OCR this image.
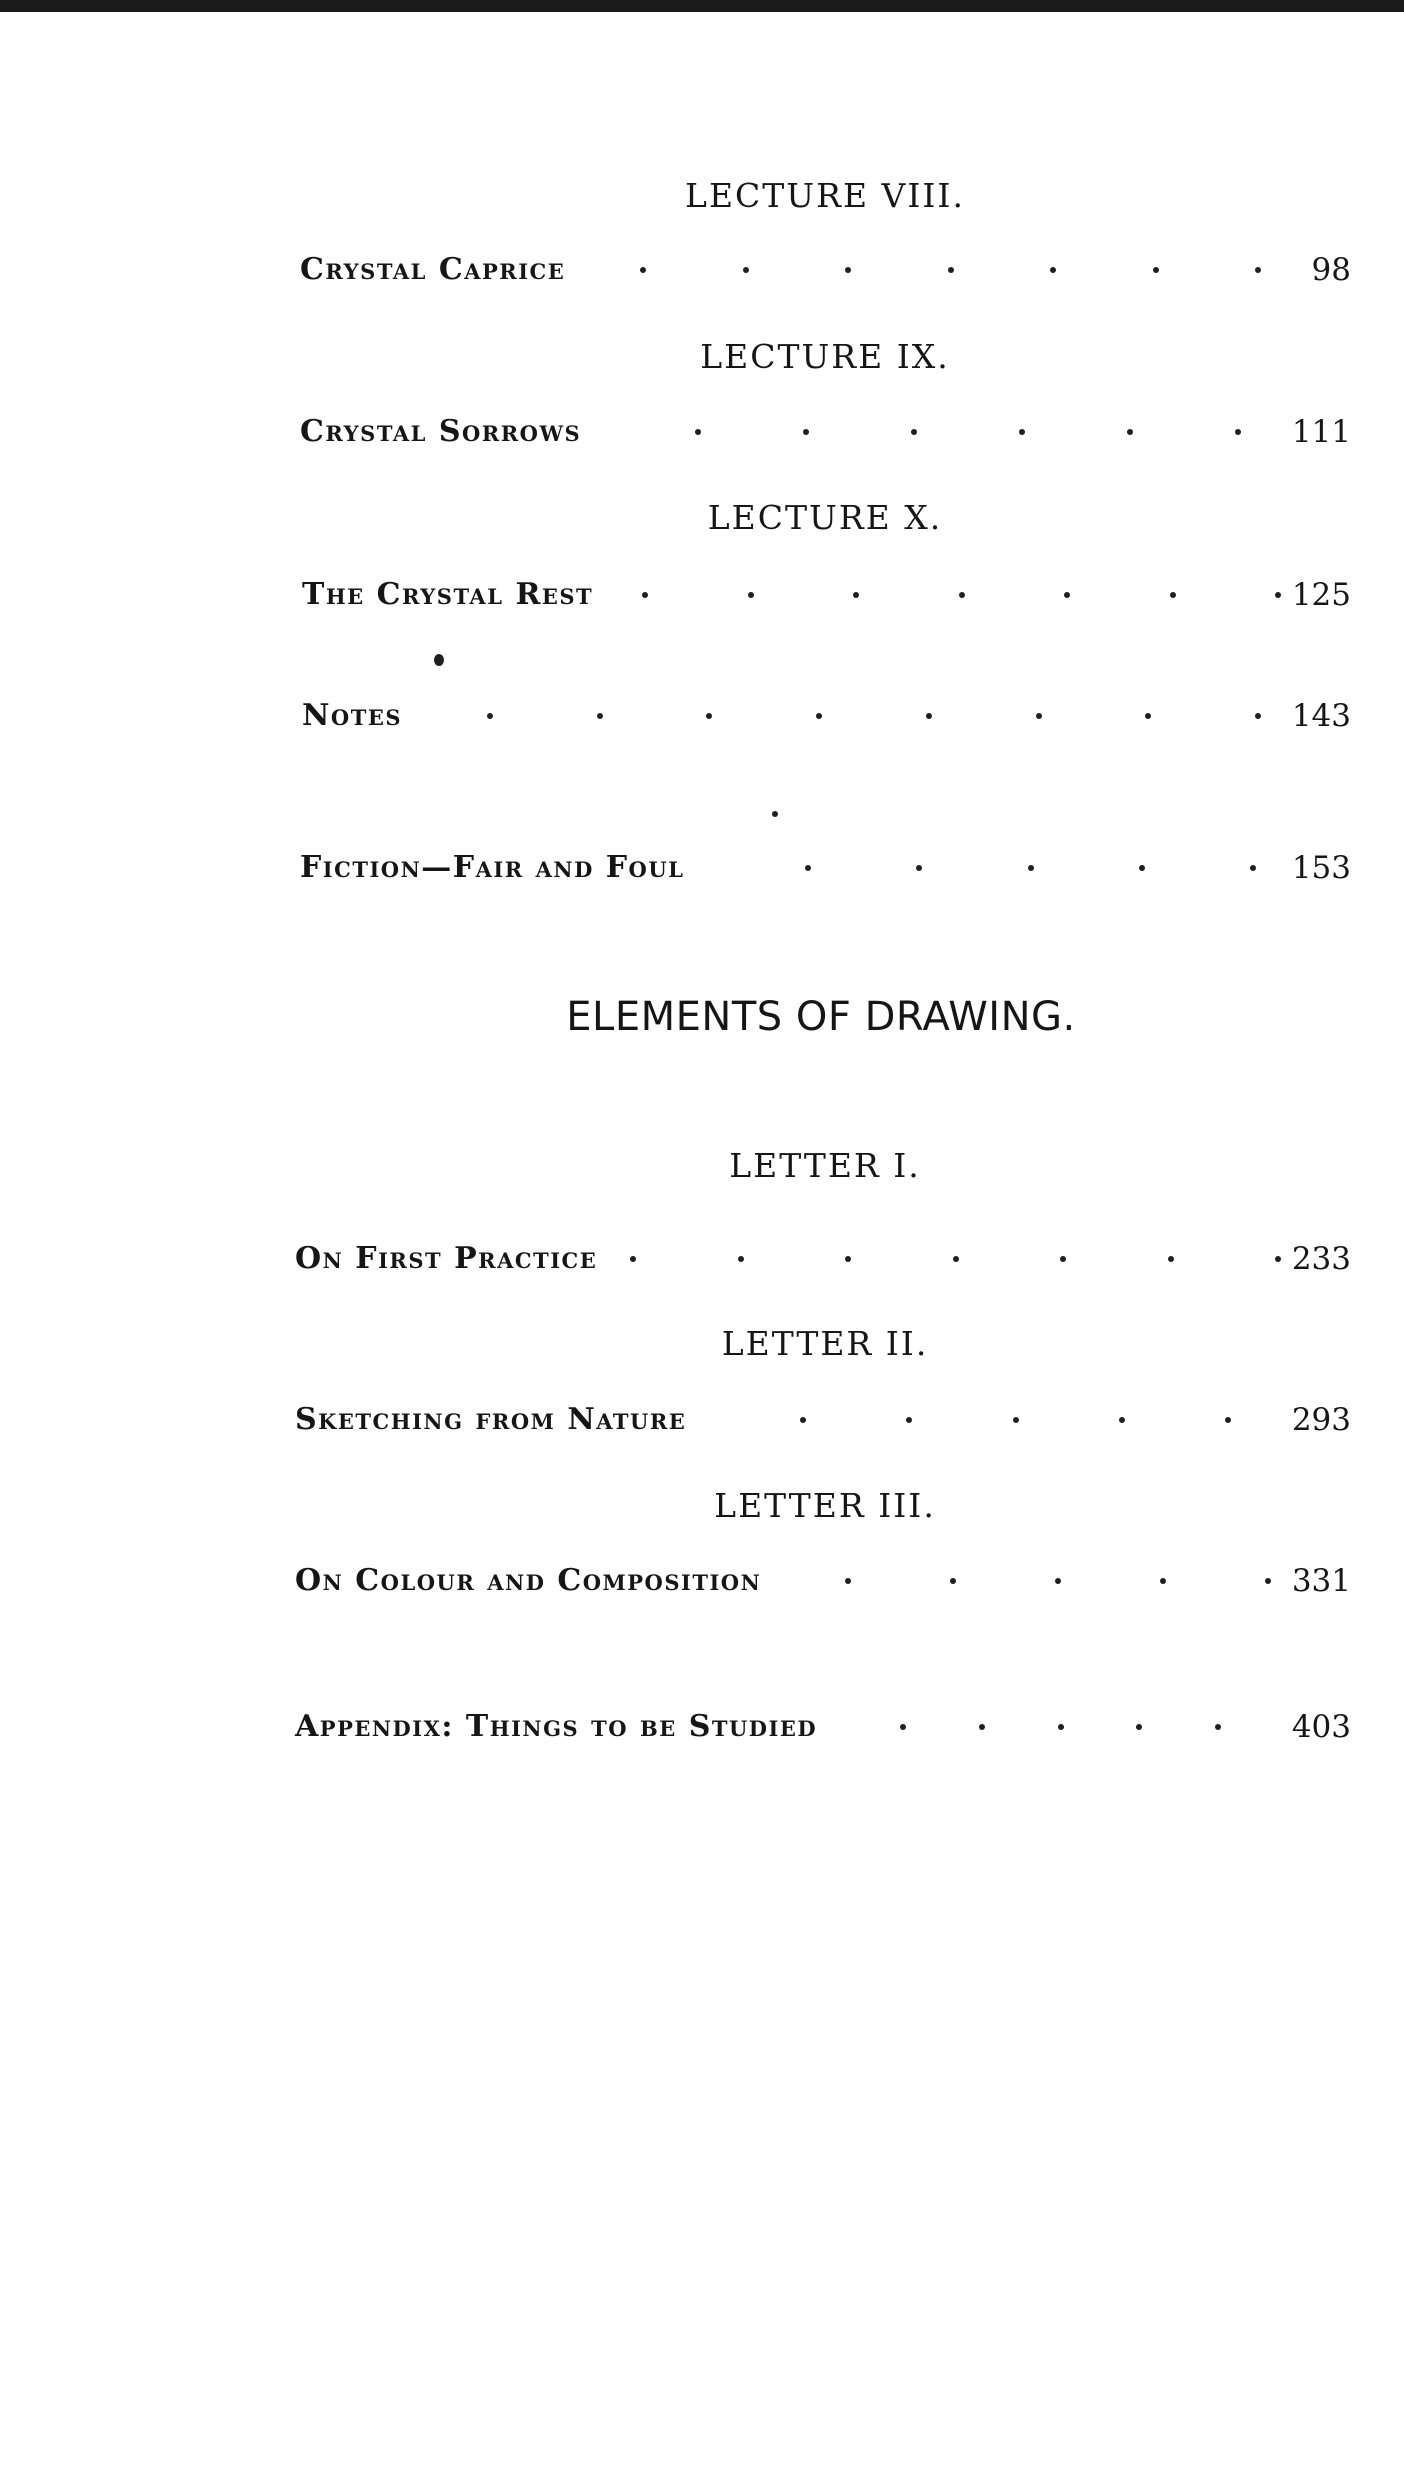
LECTURE VIII.
Crystal Caprice	98
LECTURE IX.
Crystal Sorrows	111
LECTURE X.
The Crystal Rest	125
Notes	143
Fiction—Fair and Foul	153
ELEMENTS OF DRAWING.
LETTER I.
On First Practice	233
LETTER II.
Sketching from Nature	293
LETTER III.
On Colour and Composition	331
Appendix: Things to be Studied	403
